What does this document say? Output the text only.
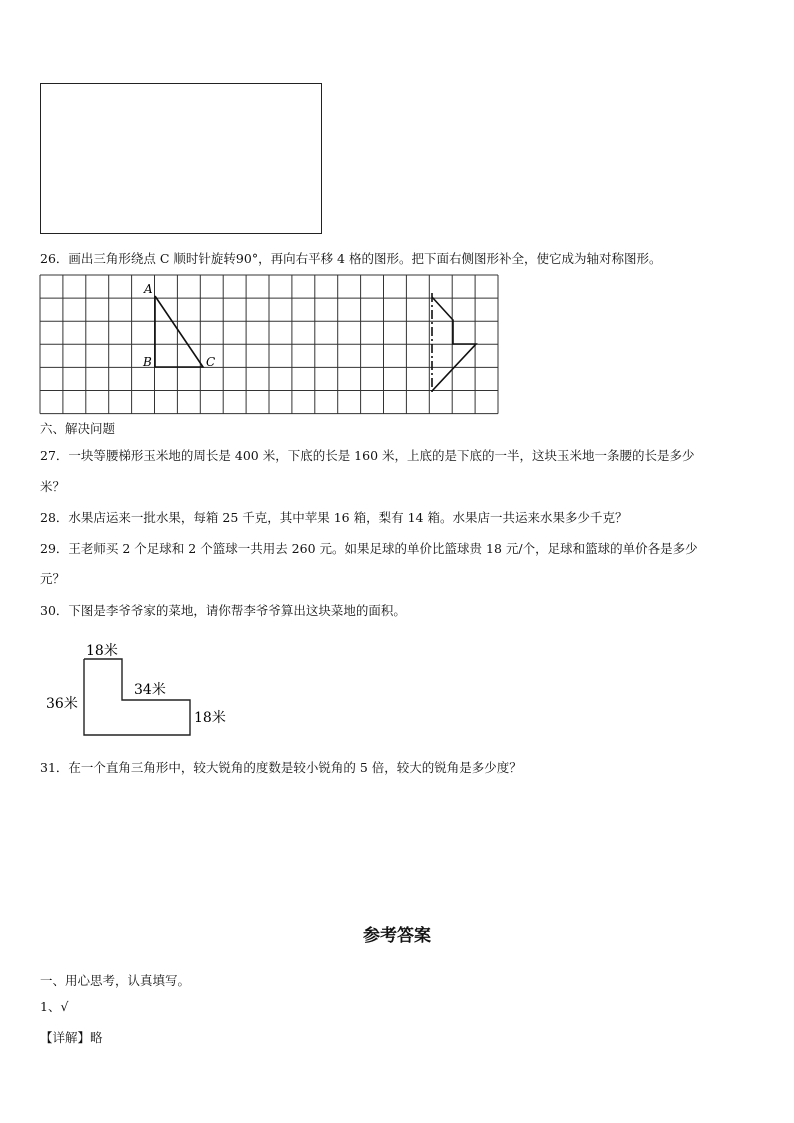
26．画出三角形绕点 C 顺时针旋转90°，再向右平移 4 格的图形。把下面右侧图形补全，使它成为轴对称图形。
A
B	C
六、解决问题
27．一块等腰梯形玉米地的周长是 400 米，下底的长是 160 米，上底的是下底的一半，这块玉米地一条腰的长是多少
米？
28．水果店运来一批水果，每箱 25 千克，其中苹果 16 箱，梨有 14 箱。水果店一共运来水果多少千克？
29．王老师买 2 个足球和 2 个篮球一共用去 260 元。如果足球的单价比篮球贵 18 元/个，足球和篮球的单价各是多少
元？
30．下图是李爷爷家的菜地，请你帮李爷爷算出这块菜地的面积。
18米
36米
34米
18米
31．在一个直角三角形中，较大锐角的度数是较小锐角的 5 倍，较大的锐角是多少度？
参考答案
一、用心思考，认真填写。
1、√
【详解】略
